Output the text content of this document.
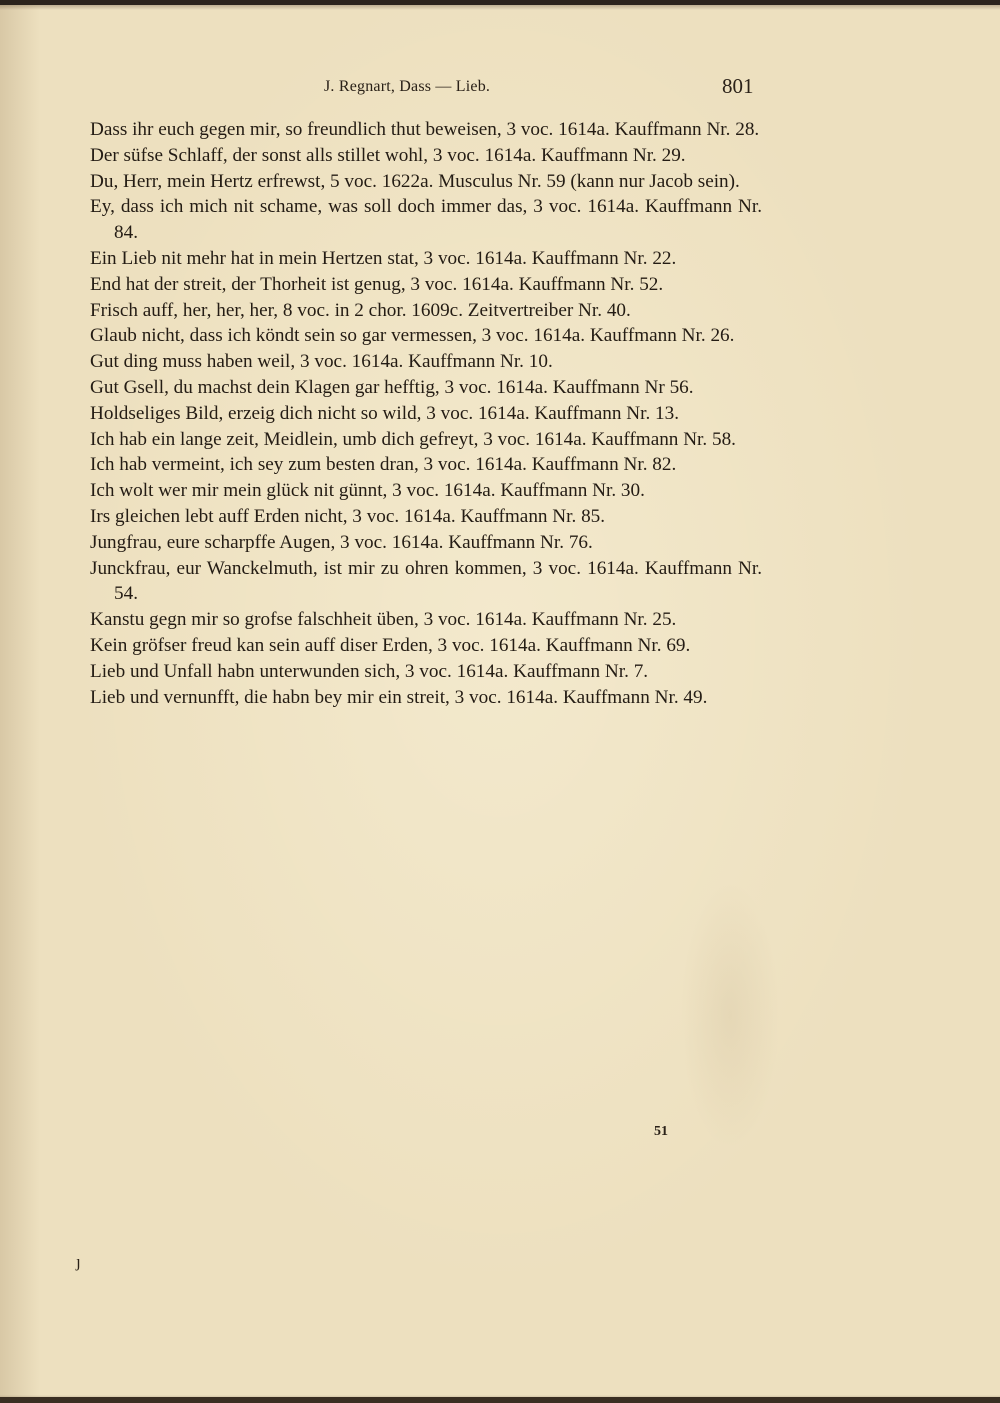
J. Regnart, Dass — Lieb.	801
Dass ihr euch gegen mir, so freundlich thut beweisen, 3 voc. 1614a. Kauffmann Nr. 28.
Der süfse Schlaff, der sonst alls stillet wohl, 3 voc. 1614a. Kauffmann Nr. 29.
Du, Herr, mein Hertz erfrewst, 5 voc. 1622a. Musculus Nr. 59 (kann nur Jacob sein).
Ey, dass ich mich nit schame, was soll doch immer das, 3 voc. 1614a. Kauffmann Nr. 84.
Ein Lieb nit mehr hat in mein Hertzen stat, 3 voc. 1614a. Kauffmann Nr. 22.
End hat der streit, der Thorheit ist genug, 3 voc. 1614a. Kauffmann Nr. 52.
Frisch auff, her, her, her, 8 voc. in 2 chor. 1609c. Zeitvertreiber Nr. 40.
Glaub nicht, dass ich köndt sein so gar vermessen, 3 voc. 1614a. Kauffmann Nr. 26.
Gut ding muss haben weil, 3 voc. 1614a. Kauffmann Nr. 10.
Gut Gsell, du machst dein Klagen gar hefftig, 3 voc. 1614a. Kauffmann Nr 56.
Holdseliges Bild, erzeig dich nicht so wild, 3 voc. 1614a. Kauffmann Nr. 13.
Ich hab ein lange zeit, Meidlein, umb dich gefreyt, 3 voc. 1614a. Kauffmann Nr. 58.
Ich hab vermeint, ich sey zum besten dran, 3 voc. 1614a. Kauffmann Nr. 82.
Ich wolt wer mir mein glück nit günnt, 3 voc. 1614a. Kauffmann Nr. 30.
Irs gleichen lebt auff Erden nicht, 3 voc. 1614a. Kauffmann Nr. 85.
Jungfrau, eure scharpffe Augen, 3 voc. 1614a. Kauffmann Nr. 76.
Junckfrau, eur Wanckelmuth, ist mir zu ohren kommen, 3 voc. 1614a. Kauffmann Nr. 54.
Kanstu gegn mir so grofse falschheit üben, 3 voc. 1614a. Kauffmann Nr. 25.
Kein gröfser freud kan sein auff diser Erden, 3 voc. 1614a. Kauffmann Nr. 69.
Lieb und Unfall habn unterwunden sich, 3 voc. 1614a. Kauffmann Nr. 7.
Lieb und vernunfft, die habn bey mir ein streit, 3 voc. 1614a. Kauffmann Nr. 49.
51
ȷ
